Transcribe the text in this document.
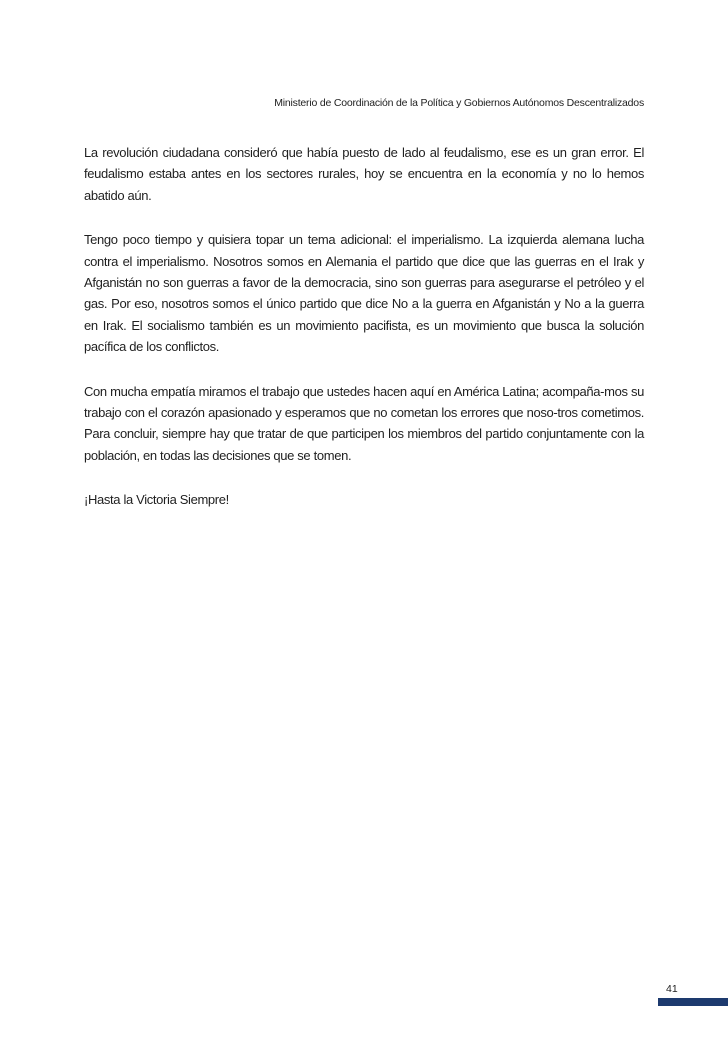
Ministerio de Coordinación de la Política y Gobiernos Autónomos Descentralizados

La revolución ciudadana consideró que había puesto de lado al feudalismo, ese es un gran error. El feudalismo estaba antes en los sectores rurales, hoy se encuentra en la economía y no lo hemos abatido aún.

Tengo poco tiempo y quisiera topar un tema adicional: el imperialismo. La izquierda alemana lucha contra el imperialismo. Nosotros somos en Alemania el partido que dice que las guerras en el Irak y Afganistán no son guerras a favor de la democracia, sino son guerras para asegurarse el petróleo y el gas. Por eso, nosotros somos el único partido que dice No a la guerra en Afganistán y No a la guerra en Irak. El socialismo también es un movimiento pacifista, es un movimiento que busca la solución pacífica de los conflictos.

Con mucha empatía miramos el trabajo que ustedes hacen aquí en América Latina; acompaña-mos su trabajo con el corazón apasionado y esperamos que no cometan los errores que noso-tros cometimos. Para concluir, siempre hay que tratar de que participen los miembros del partido conjuntamente con la población, en todas las decisiones que se tomen.

¡Hasta la Victoria Siempre!

41
